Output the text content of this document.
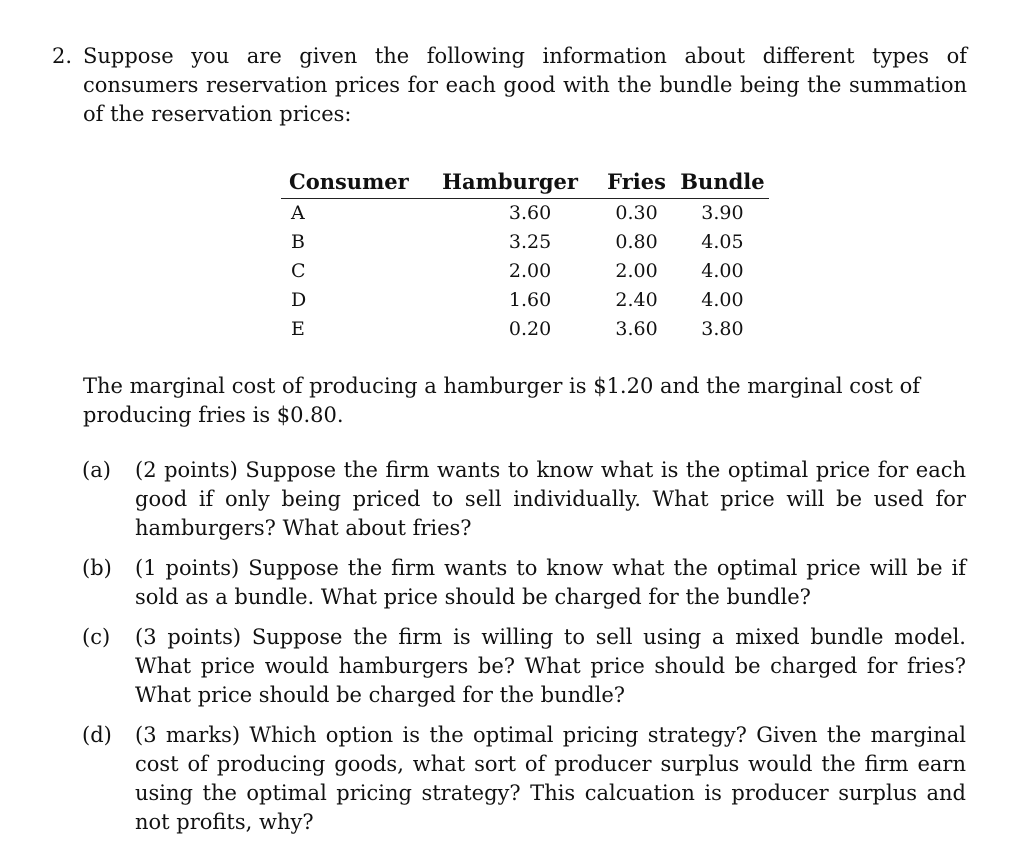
2. Suppose you are given the following information about different types of consumers reservation prices for each good with the bundle being the summation of the reservation prices:
Consumer	Hamburger	Fries	Bundle
A	3.60	0.30	3.90
B	3.25	0.80	4.05
C	2.00	2.00	4.00
D	1.60	2.40	4.00
E	0.20	3.60	3.80
The marginal cost of producing a hamburger is $1.20 and the marginal cost of producing fries is $0.80.
(a) (2 points) Suppose the firm wants to know what is the optimal price for each good if only being priced to sell individually. What price will be used for hamburgers? What about fries?
(b) (1 points) Suppose the firm wants to know what the optimal price will be if sold as a bundle. What price should be charged for the bundle?
(c) (3 points) Suppose the firm is willing to sell using a mixed bundle model. What price would hamburgers be? What price should be charged for fries? What price should be charged for the bundle?
(d) (3 marks) Which option is the optimal pricing strategy? Given the marginal cost of producing goods, what sort of producer surplus would the firm earn using the optimal pricing strategy? This calcuation is producer surplus and not profits, why?
